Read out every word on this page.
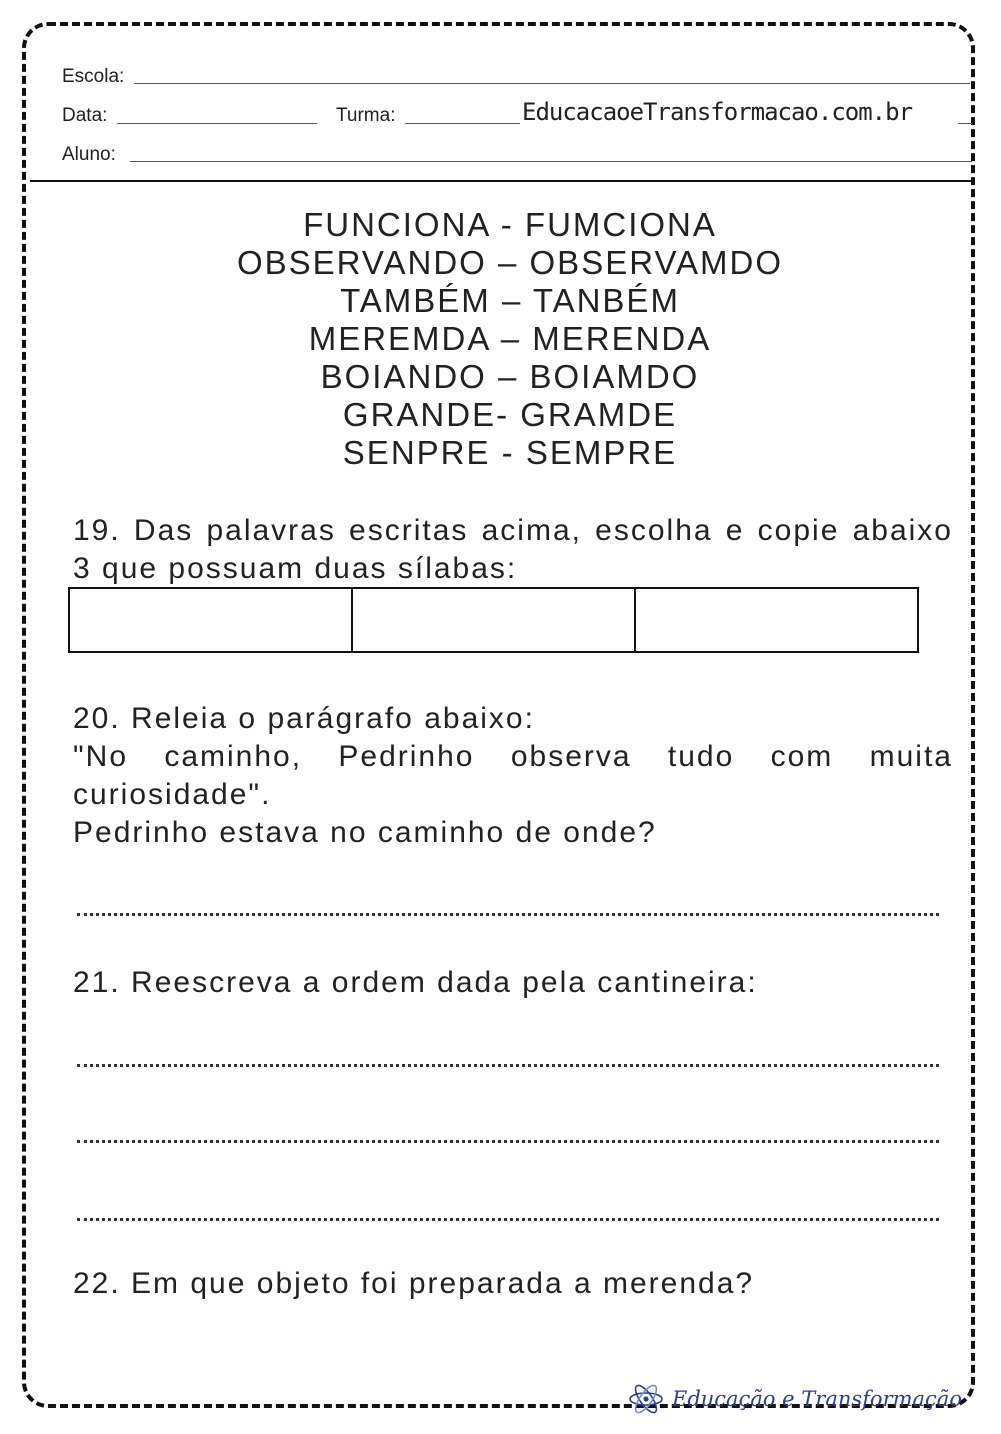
Escola:
Data:	Turma:	EducacaoeTransformacao.com.br
Aluno:
FUNCIONA - FUMCIONA
OBSERVANDO – OBSERVAMDO
TAMBÉM – TANBÉM
MEREMDA – MERENDA
BOIANDO – BOIAMDO
GRANDE- GRAMDE
SENPRE - SEMPRE

19. Das palavras escritas acima, escolha e copie abaixo 3 que possuam duas sílabas:

20. Releia o parágrafo abaixo:

"No caminho, Pedrinho observa tudo com muita curiosidade".

Pedrinho estava no caminho de onde?

21. Reescreva a ordem dada pela cantineira:

22. Em que objeto foi preparada a merenda?

Educação e Transformação
